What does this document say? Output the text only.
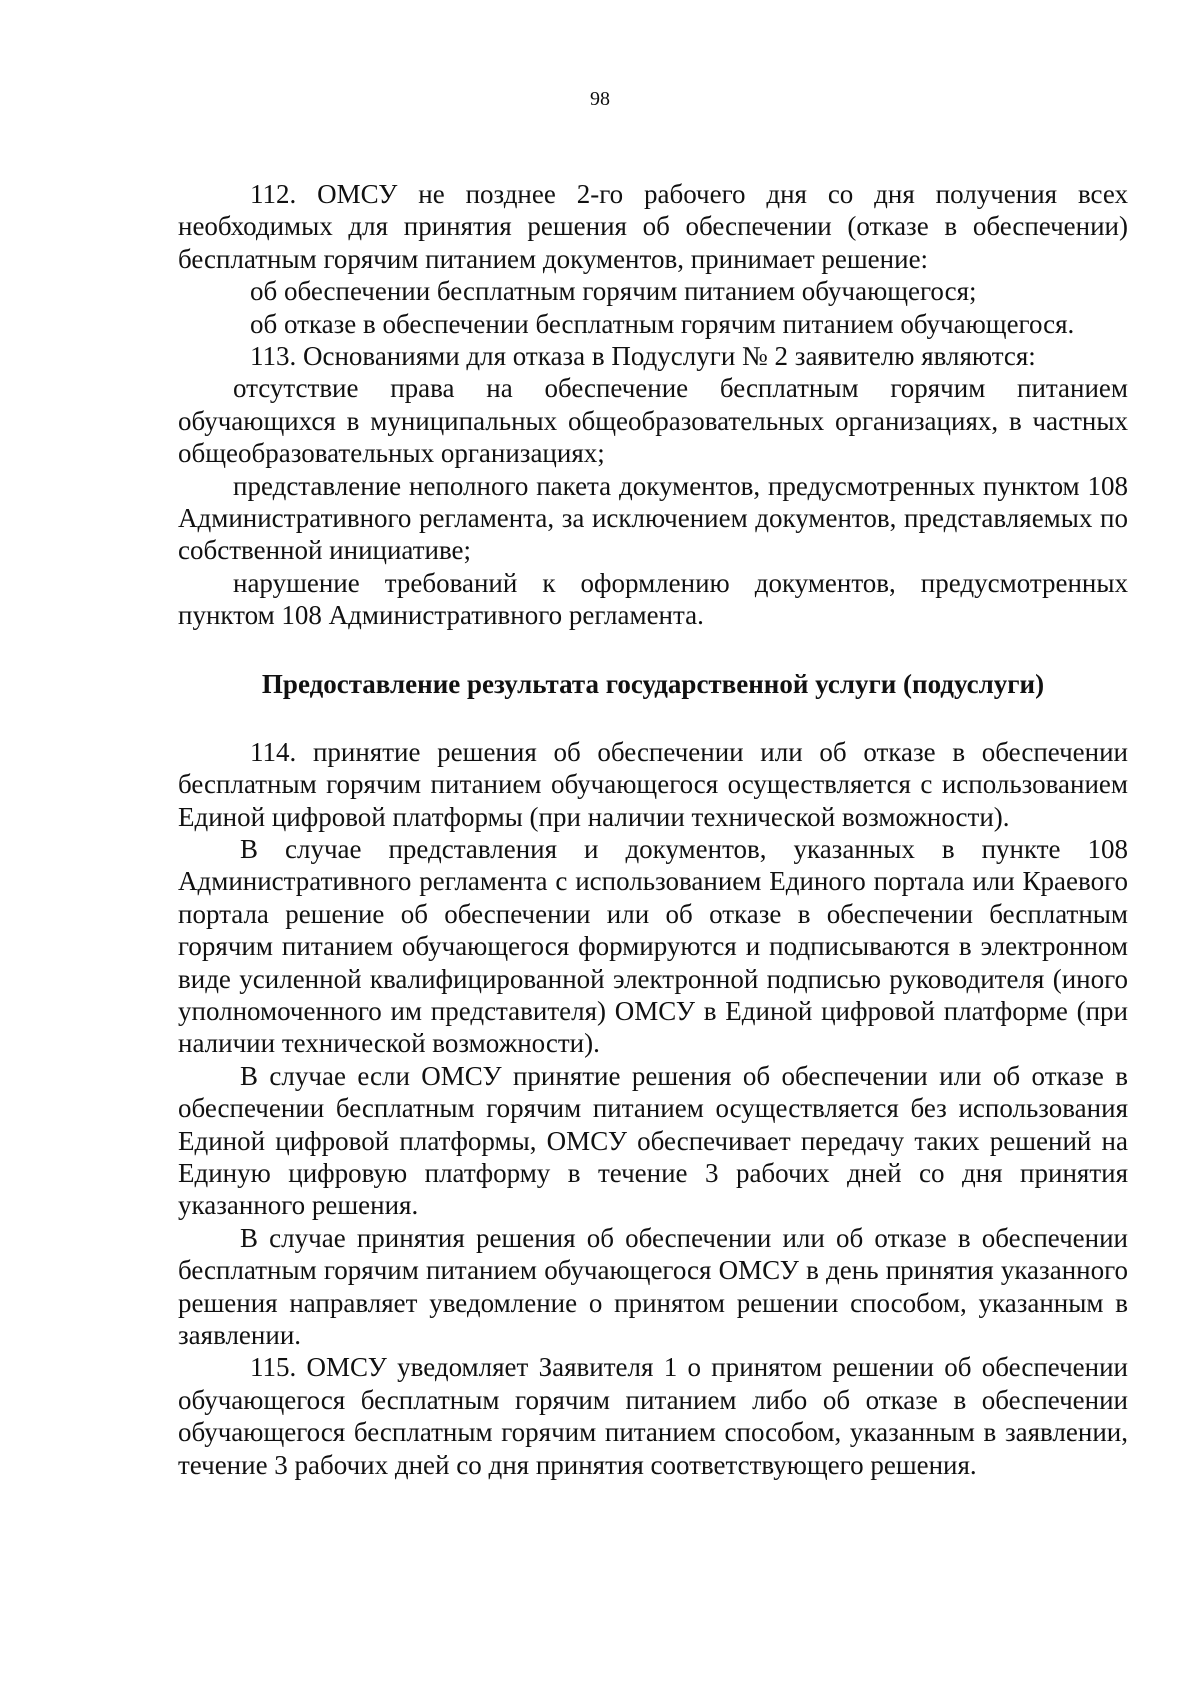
98

112. ОМСУ не позднее 2-го рабочего дня со дня получения всех необходимых для принятия решения об обеспечении (отказе в обеспечении) бесплатным горячим питанием документов, принимает решение:

об обеспечении бесплатным горячим питанием обучающегося;

об отказе в обеспечении бесплатным горячим питанием обучающегося.

113. Основаниями для отказа в Подуслуги № 2 заявителю являются:

отсутствие права на обеспечение бесплатным горячим питанием обучающихся в муниципальных общеобразовательных организациях, в частных общеобразовательных организациях;

представление неполного пакета документов, предусмотренных пунктом 108 Административного регламента, за исключением документов, представляемых по собственной инициативе;

нарушение требований к оформлению документов, предусмотренных пунктом 108 Административного регламента.

Предоставление результата государственной услуги (подуслуги)

114. принятие решения об обеспечении или об отказе в обеспечении бесплатным горячим питанием обучающегося осуществляется с использованием Единой цифровой платформы (при наличии технической возможности).

В случае представления и документов, указанных в пункте 108 Административного регламента с использованием Единого портала или Краевого портала решение об обеспечении или об отказе в обеспечении бесплатным горячим питанием обучающегося формируются и подписываются в электронном виде усиленной квалифицированной электронной подписью руководителя (иного уполномоченного им представителя) ОМСУ в Единой цифровой платформе (при наличии технической возможности).

В случае если ОМСУ принятие решения об обеспечении или об отказе в обеспечении бесплатным горячим питанием осуществляется без использования Единой цифровой платформы, ОМСУ обеспечивает передачу таких решений на Единую цифровую платформу в течение 3 рабочих дней со дня принятия указанного решения.

В случае принятия решения об обеспечении или об отказе в обеспечении бесплатным горячим питанием обучающегося ОМСУ в день принятия указанного решения направляет уведомление о принятом решении способом, указанным в заявлении.

115. ОМСУ уведомляет Заявителя 1 о принятом решении об обеспечении обучающегося бесплатным горячим питанием либо об отказе в обеспечении обучающегося бесплатным горячим питанием способом, указанным в заявлении, течение 3 рабочих дней со дня принятия соответствующего решения.
